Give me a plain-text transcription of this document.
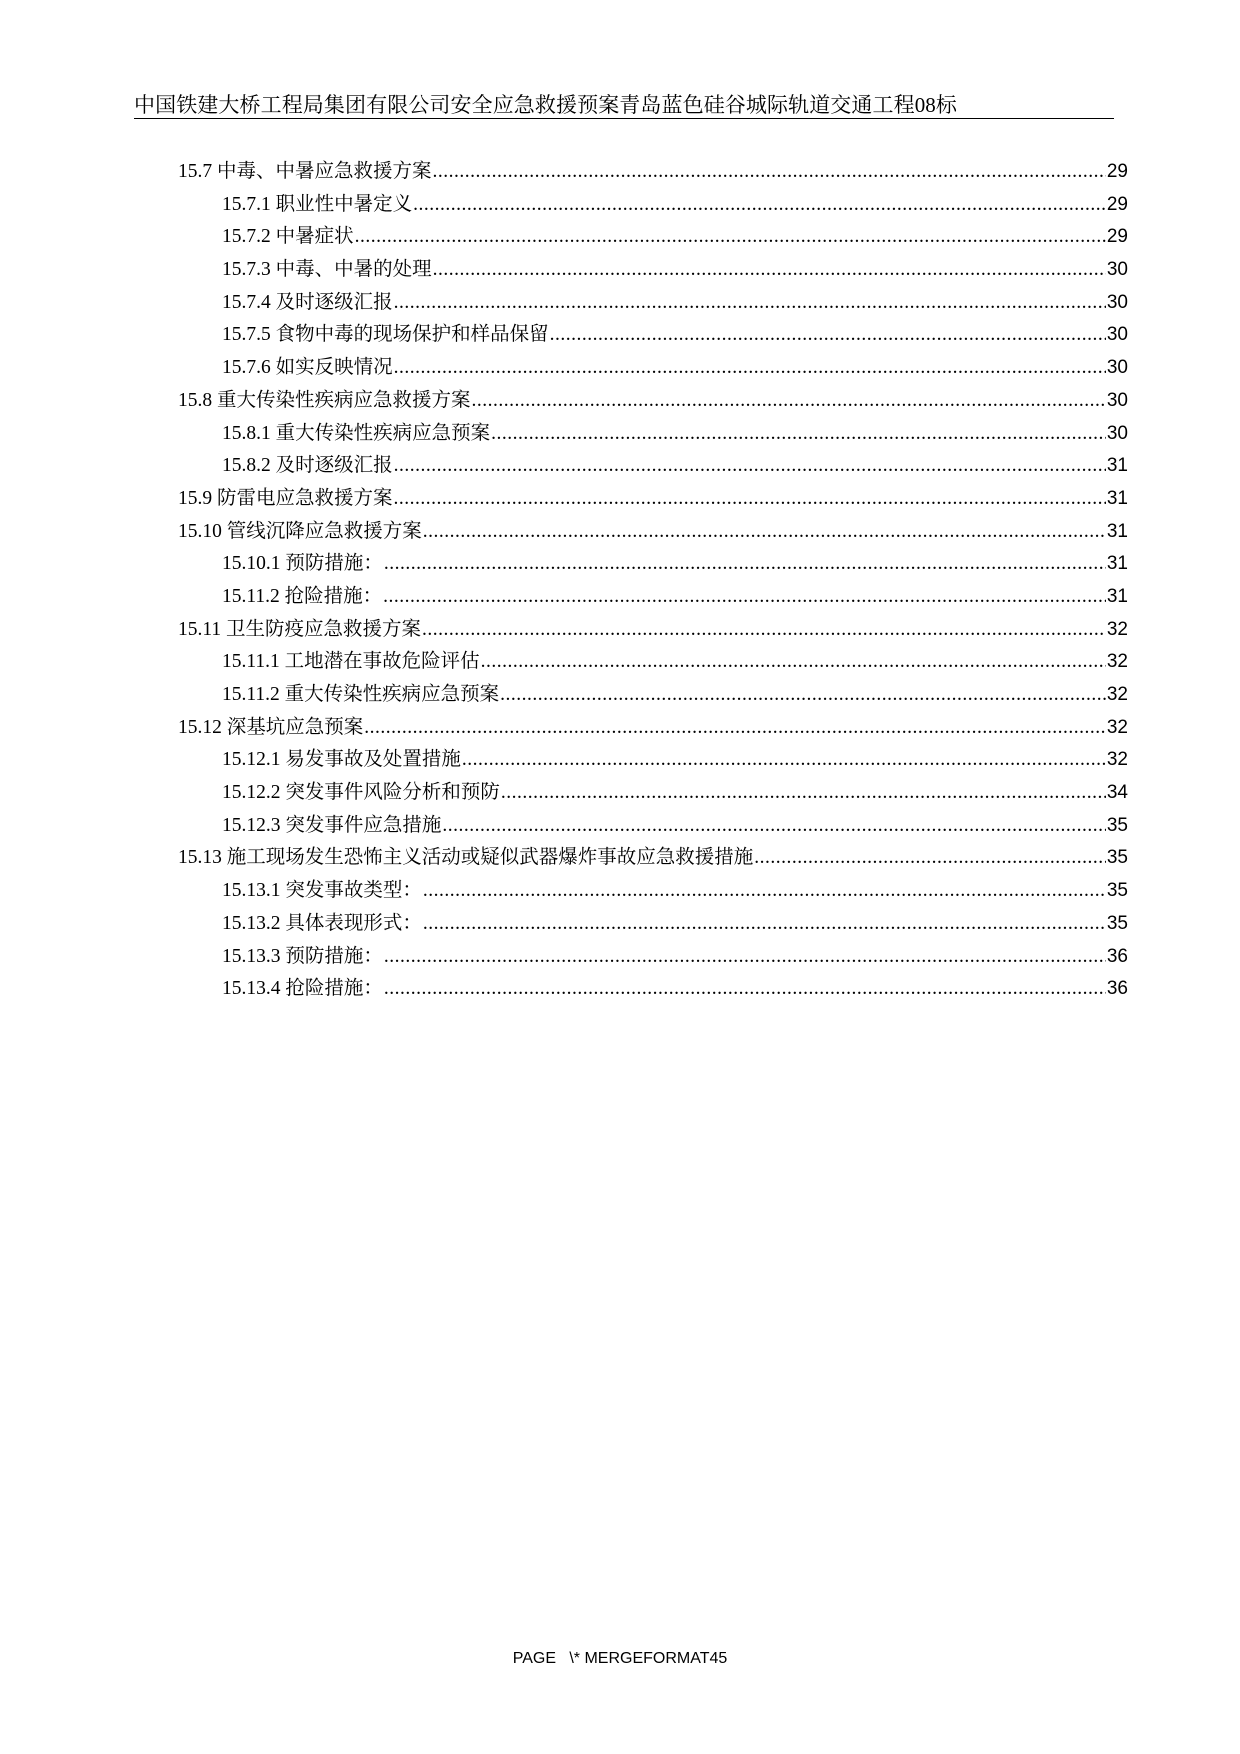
中国铁建大桥工程局集团有限公司安全应急救援预案青岛蓝色硅谷城际轨道交通工程08标
15.7 中毒、中暑应急救援方案 .....	29
15.7.1 职业性中暑定义 .....	29
15.7.2 中暑症状 .....	29
15.7.3 中毒、中暑的处理 .....	30
15.7.4 及时逐级汇报 .....	30
15.7.5 食物中毒的现场保护和样品保留 .....	30
15.7.6 如实反映情况 .....	30
15.8 重大传染性疾病应急救援方案 .....	30
15.8.1 重大传染性疾病应急预案 .....	30
15.8.2 及时逐级汇报 .....	31
15.9 防雷电应急救援方案 .....	31
15.10 管线沉降应急救援方案 .....	31
15.10.1 预防措施： .....	31
15.11.2 抢险措施： .....	31
15.11 卫生防疫应急救援方案 .....	32
15.11.1 工地潜在事故危险评估 .....	32
15.11.2 重大传染性疾病应急预案 .....	32
15.12 深基坑应急预案 .....	32
15.12.1 易发事故及处置措施 .....	32
15.12.2 突发事件风险分析和预防 .....	34
15.12.3 突发事件应急措施 .....	35
15.13 施工现场发生恐怖主义活动或疑似武器爆炸事故应急救援措施 .....	35
15.13.1 突发事故类型： .....	35
15.13.2 具体表现形式： .....	35
15.13.3 预防措施： .....	36
15.13.4 抢险措施： .....	36
PAGE   \* MERGEFORMAT45
